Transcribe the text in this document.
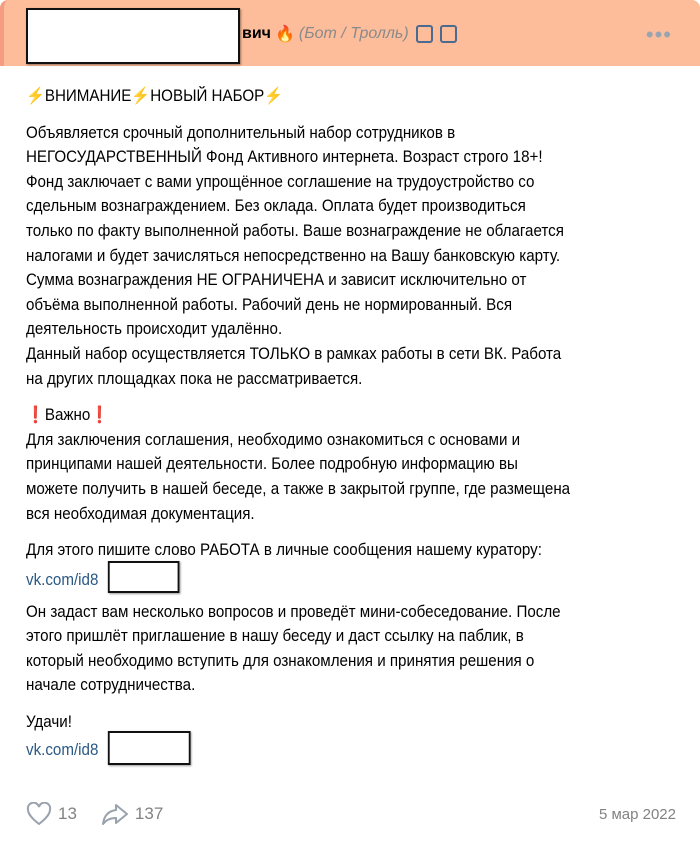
вич 🔥 (Бот / Тролль)	•••
⚡ВНИМАНИЕ⚡НОВЫЙ НАБОР⚡
Объявляется срочный дополнительный набор сотрудников в
НЕГОСУДАРСТВЕННЫЙ Фонд Активного интернета. Возраст строго 18+!
Фонд заключает с вами упрощённое соглашение на трудоустройство со
сдельным вознаграждением. Без оклада. Оплата будет производиться
только по факту выполненной работы. Ваше вознаграждение не облагается
налогами и будет зачисляться непосредственно на Вашу банковскую карту.
Сумма вознаграждения НЕ ОГРАНИЧЕНА и зависит исключительно от
объёма выполненной работы. Рабочий день не нормированный. Вся
деятельность происходит удалённо.
Данный набор осуществляется ТОЛЬКО в рамках работы в сети ВК. Работа
на других площадках пока не рассматривается.
❗Важно❗
Для заключения соглашения, необходимо ознакомиться с основами и
принципами нашей деятельности. Более подробную информацию вы
можете получить в нашей беседе, а также в закрытой группе, где размещена
вся необходимая документация.
Для этого пишите слово РАБОТА в личные сообщения нашему куратору:
vk.com/id8
Он задаст вам несколько вопросов и проведёт мини-собеседование. После
этого пришлёт приглашение в нашу беседу и даст ссылку на паблик, в
который необходимо вступить для ознакомления и принятия решения о
начале сотрудничества.
Удачи!
vk.com/id8
13	137	5 мар 2022
